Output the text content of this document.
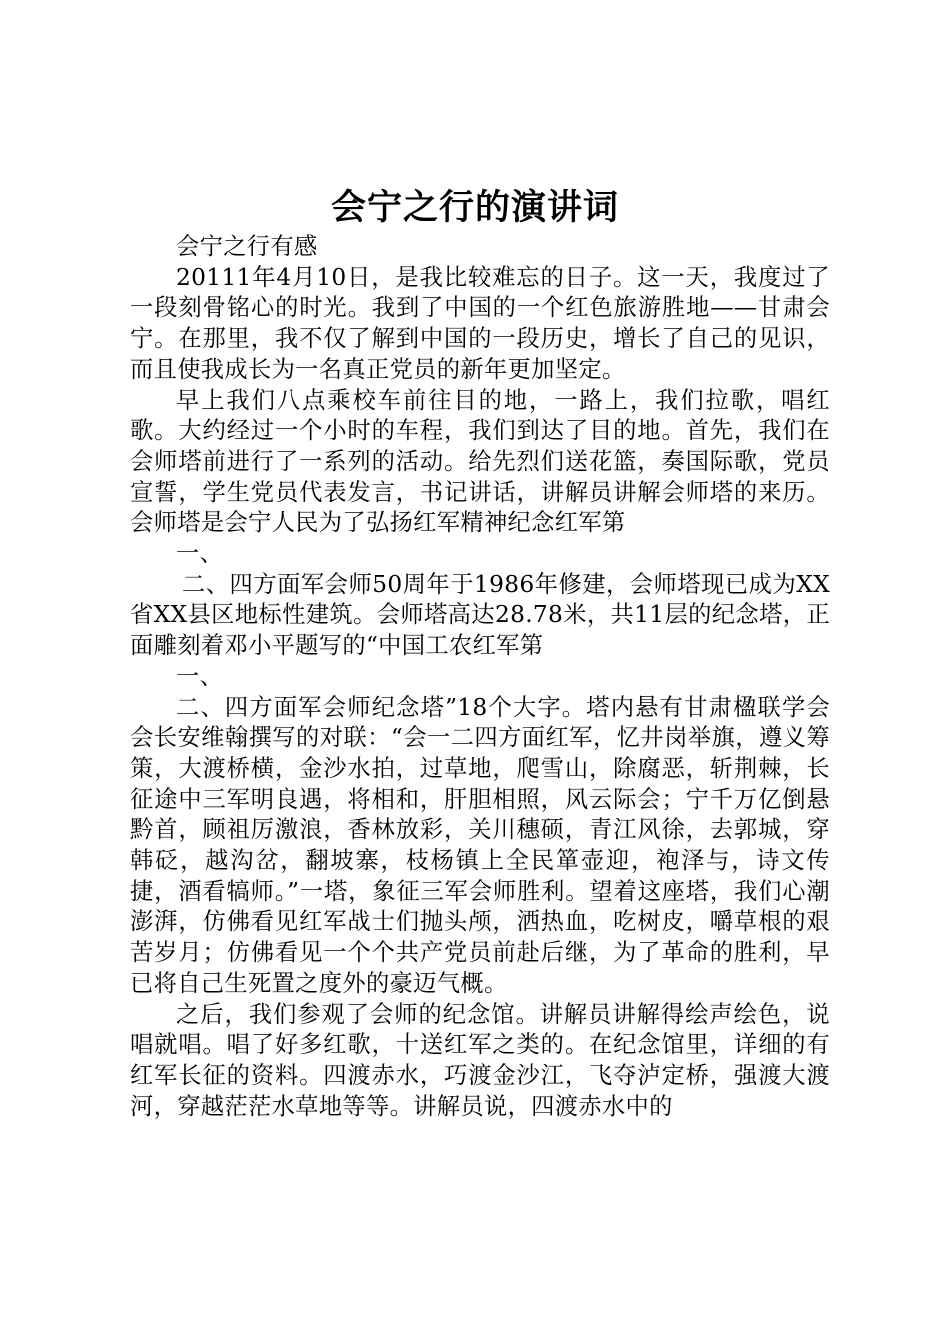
会宁之行的演讲词

会宁之行有感

20111年4月10日，是我比较难忘的日子。这一天，我度过了一段刻骨铭心的时光。我到了中国的一个红色旅游胜地——甘肃会宁。在那里，我不仅了解到中国的一段历史，增长了自己的见识，而且使我成长为一名真正党员的新年更加坚定。

早上我们八点乘校车前往目的地，一路上，我们拉歌，唱红歌。大约经过一个小时的车程，我们到达了目的地。首先，我们在会师塔前进行了一系列的活动。给先烈们送花篮，奏国际歌，党员宣誓，学生党员代表发言，书记讲话，讲解员讲解会师塔的来历。会师塔是会宁人民为了弘扬红军精神纪念红军第

一、

二、四方面军会师50周年于1986年修建，会师塔现已成为XX省XX县区地标性建筑。会师塔高达28.78米，共11层的纪念塔，正面雕刻着邓小平题写的“中国工农红军第

一、

二、四方面军会师纪念塔”18个大字。塔内悬有甘肃楹联学会会长安维翰撰写的对联：“会一二四方面红军，忆井岗举旗，遵义筹策，大渡桥横，金沙水拍，过草地，爬雪山，除腐恶，斩荆棘，长征途中三军明良遇，将相和，肝胆相照，风云际会；宁千万亿倒悬黔首，顾祖厉激浪，香林放彩，关川穗硕，青江风徐，去郭城，穿韩砭，越沟岔，翻坡寨，枝杨镇上全民箪壶迎，袍泽与，诗文传捷，酒看犒师。”一塔，象征三军会师胜利。望着这座塔，我们心潮澎湃，仿佛看见红军战士们抛头颅，洒热血，吃树皮，嚼草根的艰苦岁月；仿佛看见一个个共产党员前赴后继，为了革命的胜利，早已将自己生死置之度外的豪迈气概。

之后，我们参观了会师的纪念馆。讲解员讲解得绘声绘色，说唱就唱。唱了好多红歌，十送红军之类的。在纪念馆里，详细的有红军长征的资料。四渡赤水，巧渡金沙江，飞夺泸定桥，强渡大渡河，穿越茫茫水草地等等。讲解员说，四渡赤水中的
